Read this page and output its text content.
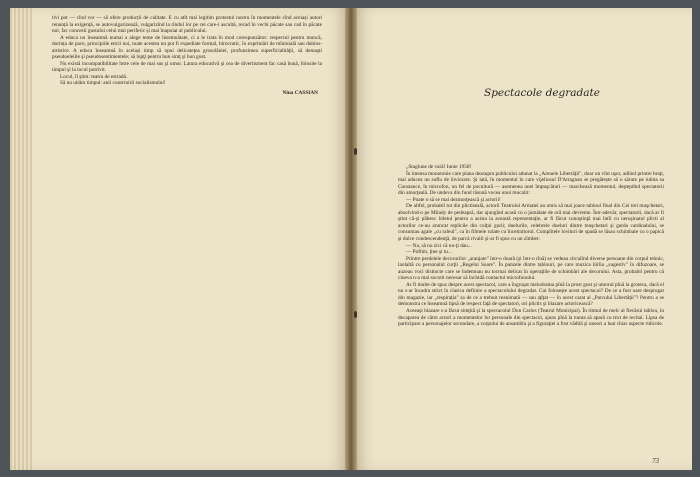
tivi pot — cînd vor — să ofere producții de calitate. E cu atît mai legitim protestul nostru în momentele cînd aceiași autori renunță la exigență, se autovulgarizează, vulgarizînd la rîndul lor pe cei care-i ascultă, recad în vechi păcate sau cad în păcate noi, fac concesii gustului celui mai periferic și mai înapoiat al publicului.

A educa nu înseamnă numai a alege teme de însemnătate, ci a le trata în mod corespunzător: respectul pentru muncă, dorința de pace, principiile eticii noi, toate acestea nu pot fi expediate formal, birocratic, în exprimări de mîntuială sau dubios-artistice. A educa înseamnă în același timp să opui delicateţea grosolăniei, profunzimea superficialităţii, să demaşti pseudoeleiile şi pseudosentimentele; să lupţi pentru bun simţ şi bun gust.

Nu există incompatibilitate între cele de mai sus şi umor. Latura educativă şi cea de divertisment fac casă bună, folosite la timpul şi la locul potrivit.

Locul, îl ştim: teatru de estradă.

Să nu uităm timpul: anii construirii socialismului!

Nina CASSIAN	Spectacole degradate

„Stagiune de vară! Iunie 1958!

În imensa monotonie care plana deasupra publicului adunat la „Arenele Libertăţii", doar un vînt uşor, adiind printre braţi, mai aducea un suflu de înviorare. Şi iată, în momentul în care vijeliosul D'Artagnan se pregătește să o sărute pe iubita sa Constance, în microfon, un fel de pocnitură — asemenea unei împuşcături — marchează momentul, deşteptînd spectatorii din amorţeală. De undeva din fund răsună vocea unui mucalit:

— Poate o să se mai dezmorţească şi actorii!

De altfel, probabil tot din plictiseală, actorii Teatrului Armatei au omis să mai joace tabloul final din Cei trei muşchetari, absolvind-o pe Milady de pedeapsă, dar ajungînd acasă cu o jumătate de oră mai devreme. Într-adevăr, spectatorii, dacă ar fi ştiut că-şi plătesc biletul pentru a asista la această reprezentaţie, ar fi făcut cunoştinţă mai întîi cu neruşinatul plicti al actorilor ce-au aruncat replicile din colţul gurii; duelurile, celebrele dueluri dintre muşchetari şi garda cardinalului, se consumau agale „cu raleul", ca în filmele rulate cu încetinitorul. Cumplitele lovituri de spadă se lăsau schimbate cu o papică şi dulce condescendenţă, de parcă rivalii şi-ar fi spus cu un zîmbet:

— Na, să nu zici că nu-ţi dau...

— Poftim, ţine şi tu...

Printre perdelele decorurilor „aranjate" într-o doară (și într-o rînă) se vedeau circulînd diverse persoane din corpul tehnic, laolaltă cu personalul curţii „Regelui Soare". În panzele dintre tablouri, pe care muzica hîrîia „sugestiv" în difuzoare, se auzeau voci distincte care se îndemnau nu tocmai delicat în operaţiile de schimbări ale decorului. Asta, probabil pentru că cineva n-a mai socotit necesar să închidă contactul microfonului.

Ar fi multe de spus despre acest spectacol, care a îngroşat melodrama pînă la prost gust şi umorul pînă la groteca, dacă el nu s-ar încadra strict în clasica definire a spectacolului degradat. Cui foloseşte acest spectacol? De ce a fost oare desprogat din magazie, iar „respiraţia" sa de ce a trebuit reanimată — sau aţîţat — în acest carat al „Parcului Libertăţii"? Pentru a se demonstra ce înseamnă lipsă de respect faţă de spectatori, ori plictis şi blazare actoricească?

Aceeaşi blazare s-a făcut simţită şi la spectacolul Don Carlos (Teatrul Municipal). În ritmul de melc al fiecărui tablou, în decaparea de către actori a momentelor lor personale din spectacol, ajuns pînă la nunta să apară cu text de recital. Lipsa de participare a personajelor secundare, a corpului de ansamblu şi a figuraţiei a fost vădită şi uneori a luat chiar aspecte ridicole.

73
